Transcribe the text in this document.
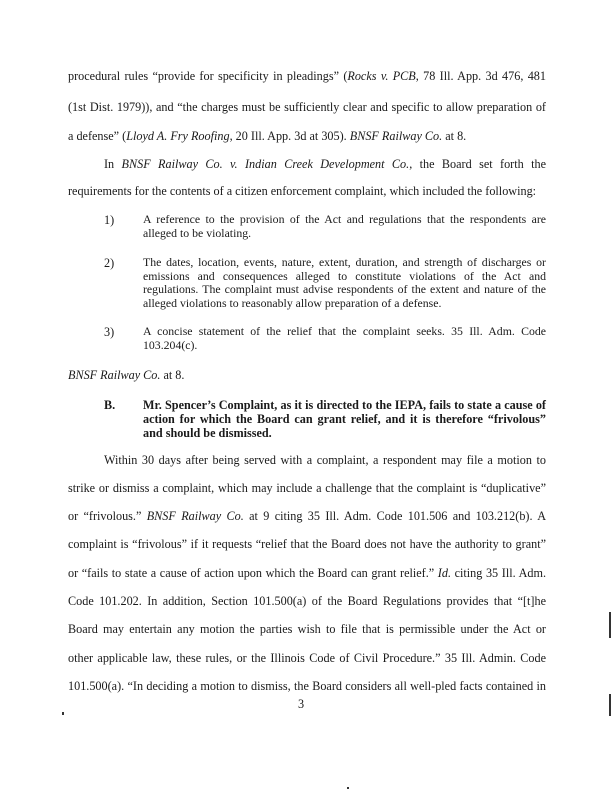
procedural rules “provide for specificity in pleadings” (Rocks v. PCB, 78 Ill. App. 3d 476, 481
(1st Dist. 1979)), and “the charges must be sufficiently clear and specific to allow preparation of
a defense” (Lloyd A. Fry Roofing, 20 Ill. App. 3d at 305). BNSF Railway Co. at 8.
In BNSF Railway Co. v. Indian Creek Development Co., the Board set forth the
requirements for the contents of a citizen enforcement complaint, which included the following:
1) A reference to the provision of the Act and regulations that the respondents are alleged to be violating.
2) The dates, location, events, nature, extent, duration, and strength of discharges or emissions and consequences alleged to constitute violations of the Act and regulations. The complaint must advise respondents of the extent and nature of the alleged violations to reasonably allow preparation of a defense.
3) A concise statement of the relief that the complaint seeks. 35 Ill. Adm. Code 103.204(c).
BNSF Railway Co. at 8.
B. Mr. Spencer’s Complaint, as it is directed to the IEPA, fails to state a cause of action for which the Board can grant relief, and it is therefore “frivolous” and should be dismissed.
Within 30 days after being served with a complaint, a respondent may file a motion to
strike or dismiss a complaint, which may include a challenge that the complaint is “duplicative”
or “frivolous.” BNSF Railway Co. at 9 citing 35 Ill. Adm. Code 101.506 and 103.212(b). A
complaint is “frivolous” if it requests “relief that the Board does not have the authority to grant”
or “fails to state a cause of action upon which the Board can grant relief.” Id. citing 35 Ill. Adm.
Code 101.202. In addition, Section 101.500(a) of the Board Regulations provides that “[t]he
Board may entertain any motion the parties wish to file that is permissible under the Act or
other applicable law, these rules, or the Illinois Code of Civil Procedure.” 35 Ill. Admin. Code
101.500(a). “In deciding a motion to dismiss, the Board considers all well-pled facts contained in
3
